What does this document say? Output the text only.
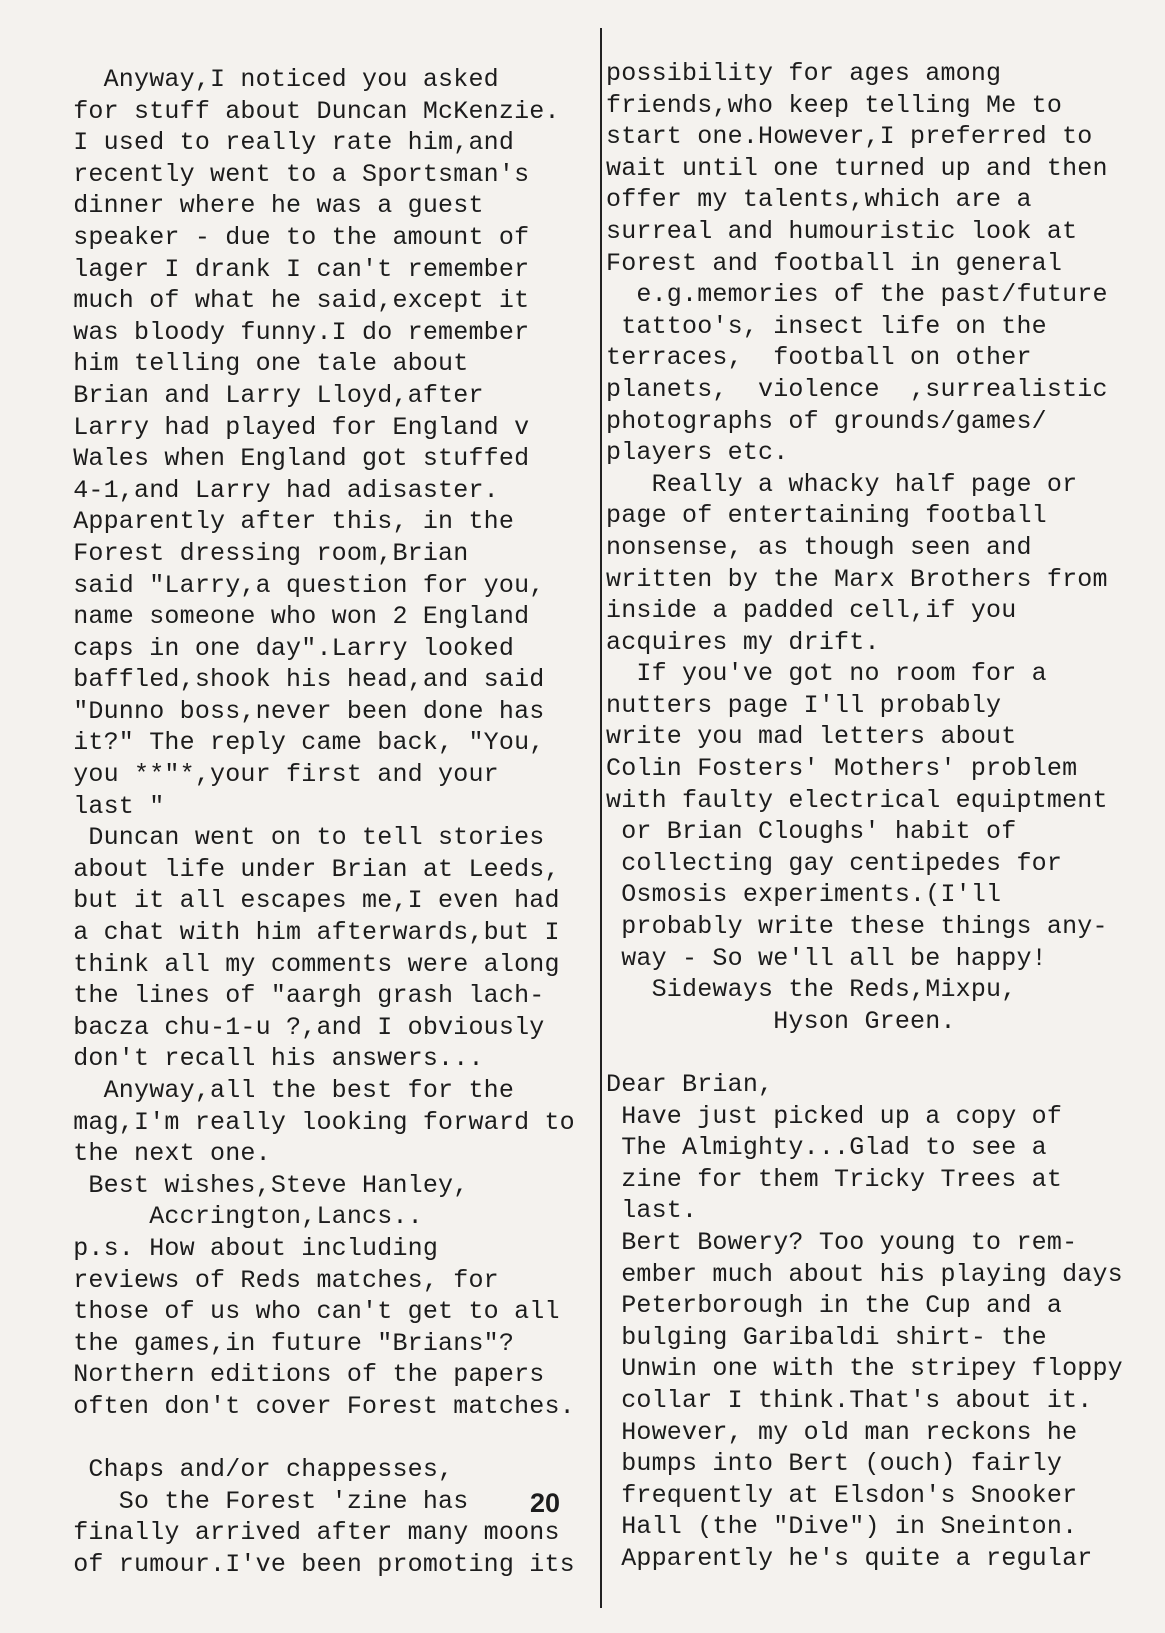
Anyway,I noticed you asked
for stuff about Duncan McKenzie.
I used to really rate him,and
recently went to a Sportsman's
dinner where he was a guest
speaker - due to the amount of
lager I drank I can't remember
much of what he said,except it
was bloody funny.I do remember
him telling one tale about
Brian and Larry Lloyd,after
Larry had played for England v
Wales when England got stuffed
4-1,and Larry had adisaster.
Apparently after this, in the
Forest dressing room,Brian
said "Larry,a question for you,
name someone who won 2 England
caps in one day".Larry looked
baffled,shook his head,and said
"Dunno boss,never been done has
it?" The reply came back, "You,
you **"*,your first and your
last "
Duncan went on to tell stories
about life under Brian at Leeds,
but it all escapes me,I even had
a chat with him afterwards,but I
think all my comments were along
the lines of "aargh grash lach-
bacza chu-1-u ?,and I obviously
don't recall his answers...
Anyway,all the best for the
mag,I'm really looking forward to
the next one.
Best wishes,Steve Hanley,
Accrington,Lancs..
p.s. How about including
reviews of Reds matches, for
those of us who can't get to all
the games,in future "Brians"?
Northern editions of the papers
often don't cover Forest matches.
Chaps and/or chappesses,
So the Forest 'zine has
finally arrived after many moons
of rumour.I've been promoting its
possibility for ages among
friends,who keep telling Me to
start one.However,I preferred to
wait until one turned up and then
offer my talents,which are a
surreal and humouristic look at
Forest and football in general
e.g.memories of the past/future
tattoo's, insect life on the
terraces,  football on other
planets,  violence  ,surrealistic
photographs of grounds/games/
players etc.
Really a whacky half page or
page of entertaining football
nonsense, as though seen and
written by the Marx Brothers from
inside a padded cell,if you
acquires my drift.
If you've got no room for a
nutters page I'll probably
write you mad letters about
Colin Fosters' Mothers' problem
with faulty electrical equiptment
or Brian Cloughs' habit of
collecting gay centipedes for
Osmosis experiments.(I'll
probably write these things any-
way - So we'll all be happy!
Sideways the Reds,Mixpu,
Hyson Green.
Dear Brian,
Have just picked up a copy of
The Almighty...Glad to see a
zine for them Tricky Trees at
last.
Bert Bowery? Too young to rem-
ember much about his playing days
Peterborough in the Cup and a
bulging Garibaldi shirt- the
Unwin one with the stripey floppy
collar I think.That's about it.
However, my old man reckons he
bumps into Bert (ouch) fairly
frequently at Elsdon's Snooker
Hall (the "Dive") in Sneinton.
Apparently he's quite a regular
20
